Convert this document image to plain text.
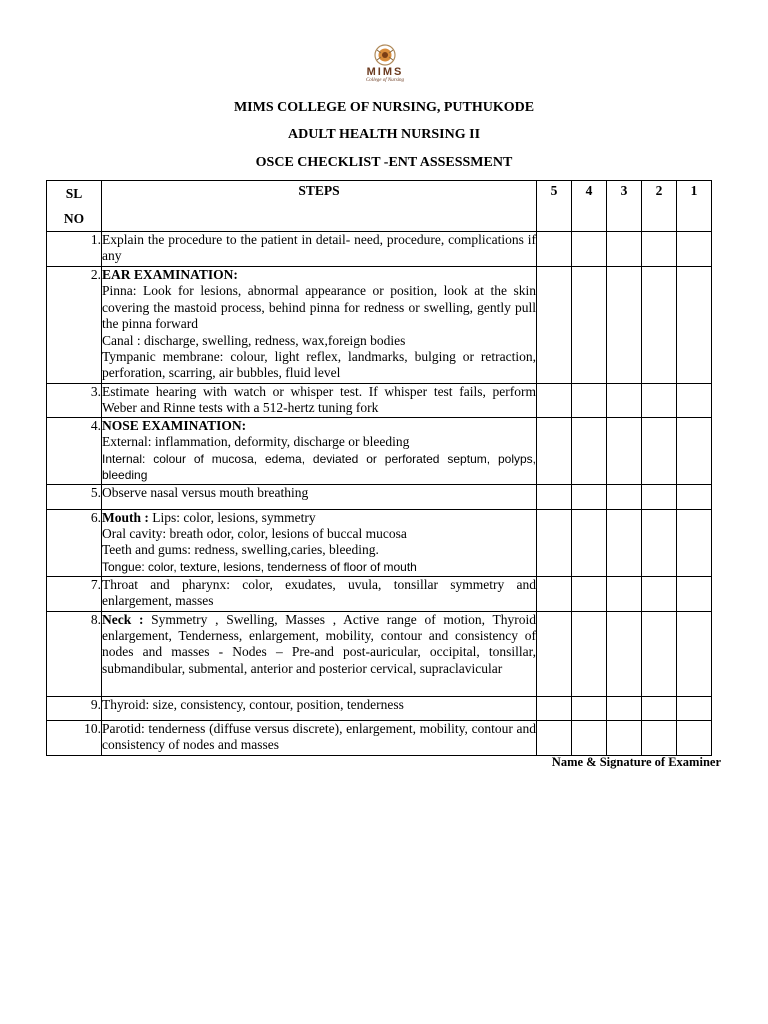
MIMS
College of Nursing
MIMS COLLEGE OF NURSING, PUTHUKODE
ADULT HEALTH NURSING II
OSCE CHECKLIST -ENT ASSESSMENT
SL
NO	STEPS	5	4	3	2	1
1.	Explain the procedure to the patient in detail- need, procedure, complications if any					

2.	EAR EXAMINATION:
Pinna: Look for lesions, abnormal appearance or position, look at the skin covering the mastoid process, behind pinna for redness or swelling, gently pull the pinna forward
Canal : discharge, swelling, redness, wax,foreign bodies
Tympanic membrane: colour, light reflex, landmarks, bulging or retraction, perforation, scarring, air bubbles, fluid level					

3.	Estimate hearing with watch or whisper test. If whisper test fails, perform Weber and Rinne tests with a 512-hertz tuning fork					

4.	NOSE EXAMINATION:
External: inflammation, deformity, discharge or bleeding
Internal: colour of mucosa, edema, deviated or perforated septum, polyps, bleeding					

5.	Observe nasal versus mouth breathing					

6.	Mouth : Lips: color, lesions, symmetry
Oral cavity: breath odor, color, lesions of buccal mucosa
Teeth and gums: redness, swelling,caries, bleeding.
Tongue: color, texture, lesions, tenderness of floor of mouth					

7.	Throat and pharynx: color, exudates, uvula, tonsillar symmetry and enlargement, masses					

8.	Neck : Symmetry , Swelling, Masses , Active range of motion, Thyroid enlargement, Tenderness, enlargement, mobility, contour and consistency of nodes and masses - Nodes – Pre-and post-auricular, occipital, tonsillar, submandibular, submental, anterior and posterior cervical, supraclavicular					

9.	Thyroid: size, consistency, contour, position, tenderness					

10.	Parotid: tenderness (diffuse versus discrete), enlargement, mobility, contour and consistency of nodes and masses					

Name & Signature of Examiner
